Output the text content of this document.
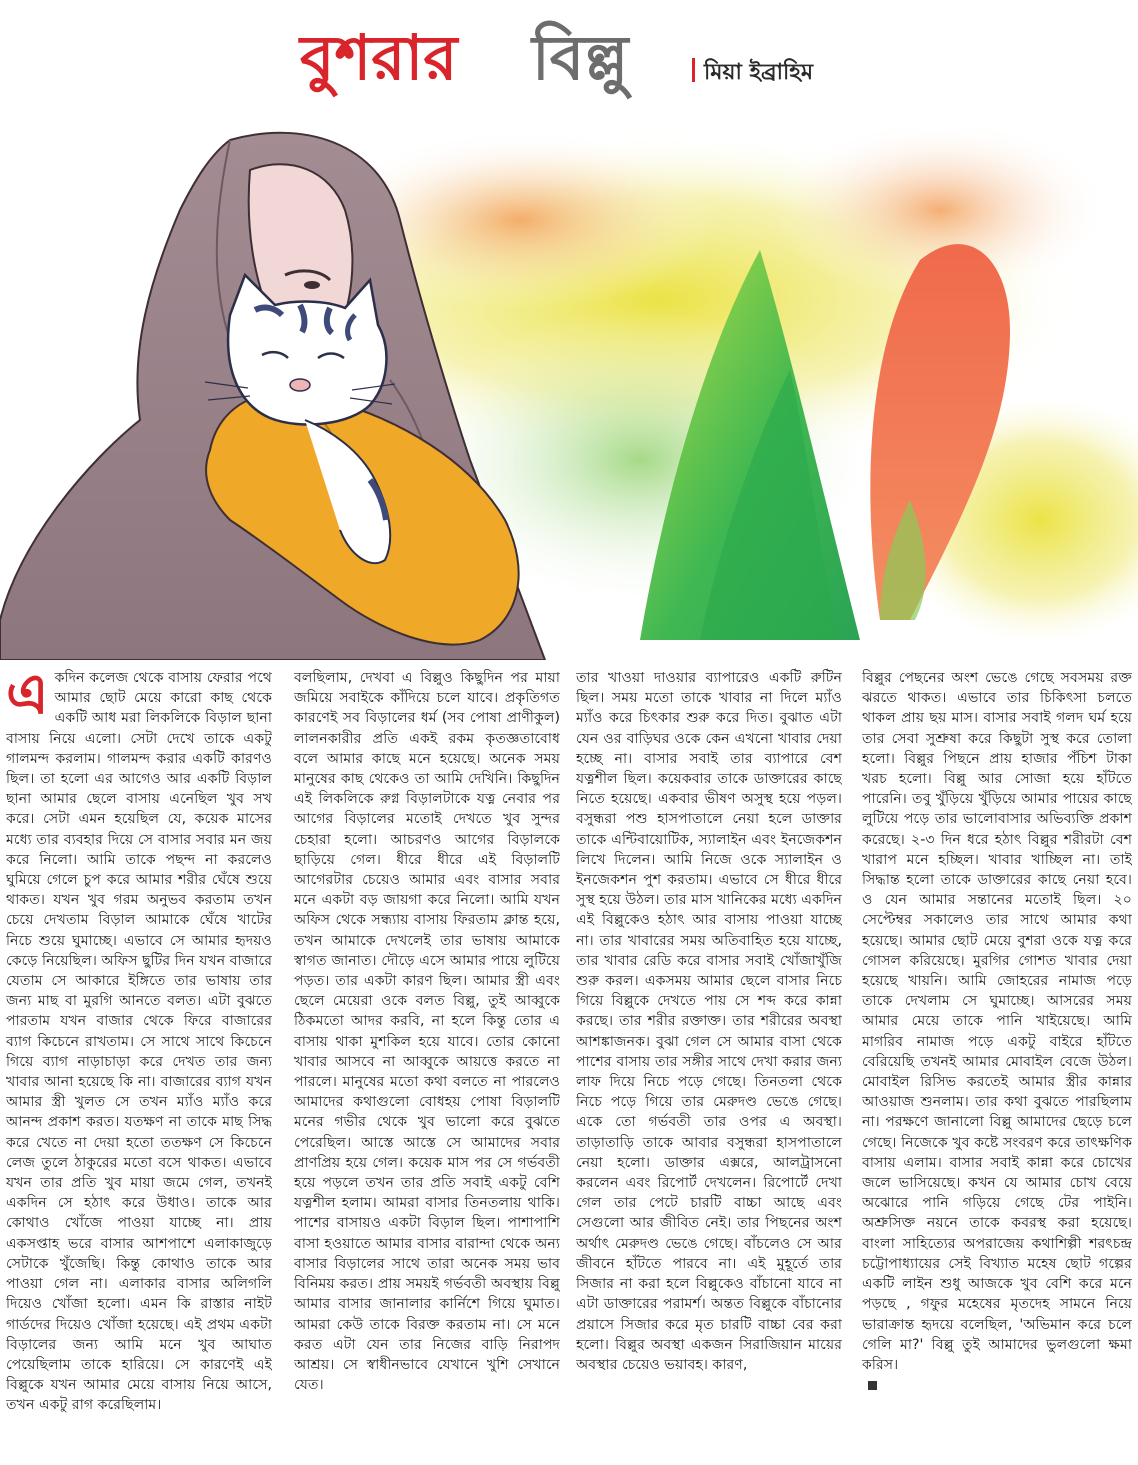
বুশরার বিল্লু	মিয়া ইব্রাহিম
এ কদিন কলেজ থেকে বাসায় ফেরার পথে আমার ছোট মেয়ে কারো কাছ থেকে একটি আধ মরা লিকলিকে বিড়াল ছানা বাসায় নিয়ে এলো। সেটা দেখে তাকে একটু গালমন্দ করলাম। গালমন্দ করার একটি কারণও ছিল। তা হলো এর আগেও আর একটি বিড়াল ছানা আমার ছেলে বাসায় এনেছিল খুব সখ করে। সেটা এমন হয়েছিল যে, কয়েক মাসের মধ্যে তার ব্যবহার দিয়ে সে বাসার সবার মন জয় করে নিলো। আমি তাকে পছন্দ না করলেও ঘুমিয়ে গেলে চুপ করে আমার শরীর ঘেঁষে শুয়ে থাকত। যখন খুব গরম অনুভব করতাম তখন চেয়ে দেখতাম বিড়াল আমাকে ঘেঁষে খাটের নিচে শুয়ে ঘুমাচ্ছে। এভাবে সে আমার হৃদয়ও কেড়ে নিয়েছিল। অফিস ছুটির দিন যখন বাজারে যেতাম সে আকারে ইঙ্গিতে তার ভাষায় তার জন্য মাছ বা মুরগি আনতে বলত। এটা বুঝতে পারতাম যখন বাজার থেকে ফিরে বাজারের ব্যাগ কিচেনে রাখতাম। সে সাথে সাথে কিচেনে গিয়ে ব্যাগ নাড়াচাড়া করে দেখত তার জন্য খাবার আনা হয়েছে কি না। বাজারের ব্যাগ যখন আমার স্ত্রী খুলত সে তখন ম্যাঁও ম্যাঁও করে আনন্দ প্রকাশ করত। যতক্ষণ না তাকে মাছ সিদ্ধ করে খেতে না দেয়া হতো ততক্ষণ সে কিচেনে লেজ তুলে ঠাকুরের মতো বসে থাকত। এভাবে যখন তার প্রতি খুব মায়া জমে গেল, তখনই একদিন সে হঠাৎ করে উধাও। তাকে আর কোথাও খোঁজে পাওয়া যাচ্ছে না। প্রায় একসপ্তাহ ভরে বাসার আশপাশে এলাকাজুড়ে সেটাকে খুঁজেছি। কিন্তু কোথাও তাকে আর পাওয়া গেল না। এলাকার বাসার অলিগলি দিয়েও খোঁজা হলো। এমন কি রাস্তার নাইট গার্ডদের দিয়েও খোঁজা হয়েছে। এই প্রথম একটা বিড়ালের জন্য আমি মনে খুব আঘাত পেয়েছিলাম তাকে হারিয়ে। সে কারণেই এই বিল্লুকে যখন আমার মেয়ে বাসায় নিয়ে আসে, তখন একটু রাগ করেছিলাম।

বলছিলাম, দেখবা এ বিল্লুও কিছুদিন পর মায়া জমিয়ে সবাইকে কাঁদিয়ে চলে যাবে। প্রকৃতিগত কারণেই সব বিড়ালের ধর্ম (সব পোষা প্রাণীকুল) লালনকারীর প্রতি একই রকম কৃতজ্ঞতাবোধ বলে আমার কাছে মনে হয়েছে। অনেক সময় মানুষের কাছ থেকেও তা আমি দেখিনি। কিছুদিন এই লিকলিকে রুগ্ন বিড়ালটাকে যত্ন নেবার পর আগের বিড়ালের মতোই দেখতে খুব সুন্দর চেহারা হলো। আচরণও আগের বিড়ালকে ছাড়িয়ে গেল। ধীরে ধীরে এই বিড়ালটি আগেরটার চেয়েও আমার এবং বাসার সবার মনে একটা বড় জায়গা করে নিলো। আমি যখন অফিস থেকে সন্ধ্যায় বাসায় ফিরতাম ক্লান্ত হয়ে, তখন আমাকে দেখলেই তার ভাষায় আমাকে স্বাগত জানাত। দৌড়ে এসে আমার পায়ে লুটিয়ে পড়ত। তার একটা কারণ ছিল। আমার স্ত্রী এবং ছেলে মেয়েরা ওকে বলত বিল্লু, তুই আব্বুকে ঠিকমতো আদর করবি, না হলে কিন্তু তোর এ বাসায় থাকা মুশকিল হয়ে যাবে। তোর কোনো খাবার আসবে না আব্বুকে আয়ত্তে করতে না পারলে। মানুষের মতো কথা বলতে না পারলেও আমাদের কথাগুলো বোধহয় পোষা বিড়ালটি মনের গভীর থেকে খুব ভালো করে বুঝতে পেরেছিল। আস্তে আস্তে সে আমাদের সবার প্রাণপ্রিয় হয়ে গেল। কয়েক মাস পর সে গর্ভবতী হয়ে পড়লে তখন তার প্রতি সবাই একটু বেশি যত্নশীল হলাম। আমরা বাসার তিনতলায় থাকি। পাশের বাসায়ও একটা বিড়াল ছিল। পাশাপাশি বাসা হওয়াতে আমার বাসার বারান্দা থেকে অন্য বাসার বিড়ালের সাথে তারা অনেক সময় ভাব বিনিময় করত। প্রায় সময়ই গর্ভবতী অবস্থায় বিল্লু আমার বাসার জানালার কার্নিশে গিয়ে ঘুমাত। আমরা কেউ তাকে বিরক্ত করতাম না। সে মনে করত এটা যেন তার নিজের বাড়ি নিরাপদ আশ্রয়। সে স্বাধীনভাবে যেখানে খুশি সেখানে যেত।

তার খাওয়া দাওয়ার ব্যাপারেও একটি রুটিন ছিল। সময় মতো তাকে খাবার না দিলে ম্যাঁও ম্যাঁও করে চিৎকার শুরু করে দিত। বুঝাত এটা যেন ওর বাড়িঘর ওকে কেন এখনো খাবার দেয়া হচ্ছে না। বাসার সবাই তার ব্যাপারে বেশ যত্নশীল ছিল। কয়েকবার তাকে ডাক্তারের কাছে নিতে হয়েছে। একবার ভীষণ অসুস্থ হয়ে পড়ল। বসুন্ধরা পশু হাসপাতালে নেয়া হলে ডাক্তার তাকে এন্টিবায়োটিক, স্যালাইন এবং ইনজেকশন লিখে দিলেন। আমি নিজে ওকে স্যালাইন ও ইনজেকশন পুশ করতাম। এভাবে সে ধীরে ধীরে সুস্থ হয়ে উঠল। তার মাস খানিকের মধ্যে একদিন এই বিল্লুকেও হঠাৎ আর বাসায় পাওয়া যাচ্ছে না। তার খাবারের সময় অতিবাহিত হয়ে যাচ্ছে, তার খাবার রেডি করে বাসার সবাই খোঁজাখুঁজি শুরু করল। একসময় আমার ছেলে বাসার নিচে গিয়ে বিল্লুকে দেখতে পায় সে শব্দ করে কান্না করছে। তার শরীর রক্তাক্ত। তার শরীরের অবস্থা আশঙ্কাজনক। বুঝা গেল সে আমার বাসা থেকে পাশের বাসায় তার সঙ্গীর সাথে দেখা করার জন্য লাফ দিয়ে নিচে পড়ে গেছে। তিনতলা থেকে নিচে পড়ে গিয়ে তার মেরুদণ্ড ভেঙে গেছে। একে তো গর্ভবতী তার ওপর এ অবস্থা। তাড়াতাড়ি তাকে আবার বসুন্ধরা হাসপাতালে নেয়া হলো। ডাক্তার এক্সরে, আলট্রাসনো করলেন এবং রিপোর্ট দেখলেন। রিপোর্টে দেখা গেল তার পেটে চারটি বাচ্চা আছে এবং সেগুলো আর জীবিত নেই। তার পিছনের অংশ অর্থাৎ মেরুদণ্ড ভেঙে গেছে। বাঁচলেও সে আর জীবনে হাঁটতে পারবে না। এই মুহূর্তে তার সিজার না করা হলে বিল্লুকেও বাঁচানো যাবে না এটা ডাক্তারের পরামর্শ। অন্তত বিল্লুকে বাঁচানোর প্রয়াসে সিজার করে মৃত চারটি বাচ্চা বের করা হলো। বিল্লুর অবস্থা একজন সিরাজিয়ান মায়ের অবস্থার চেয়েও ভয়াবহ। কারণ,

বিল্লুর পেছনের অংশ ভেঙে গেছে সবসময় রক্ত ঝরতে থাকত। এভাবে তার চিকিৎসা চলতে থাকল প্রায় ছয় মাস। বাসার সবাই গলদ ঘর্ম হয়ে তার সেবা সুশ্রুষা করে কিছুটা সুস্থ করে তোলা হলো। বিল্লুর পিছনে প্রায় হাজার পঁচিশ টাকা খরচ হলো। বিল্লু আর সোজা হয়ে হাঁটতে পারেনি। তবু খুঁড়িয়ে খুঁড়িয়ে আমার পায়ের কাছে লুটিয়ে পড়ে তার ভালোবাসার অভিব্যক্তি প্রকাশ করেছে। ২-৩ দিন ধরে হঠাৎ বিল্লুর শরীরটা বেশ খারাপ মনে হচ্ছিল। খাবার খাচ্ছিল না। তাই সিদ্ধান্ত হলো তাকে ডাক্তারের কাছে নেয়া হবে। ও যেন আমার সন্তানের মতোই ছিল। ২০ সেপ্টেম্বর সকালেও তার সাথে আমার কথা হয়েছে। আমার ছোট মেয়ে বুশরা ওকে যত্ন করে গোসল করিয়েছে। মুরগির গোশত খাবার দেয়া হয়েছে খায়নি। আমি জোহরের নামাজ পড়ে তাকে দেখলাম সে ঘুমাচ্ছে। আসরের সময় আমার মেয়ে তাকে পানি খাইয়েছে। আমি মাগরিব নামাজ পড়ে একটু বাইরে হাঁটতে বেরিয়েছি তখনই আমার মোবাইল বেজে উঠল। মোবাইল রিসিভ করতেই আমার স্ত্রীর কান্নার আওয়াজ শুনলাম। তার কথা বুঝতে পারছিলাম না। পরক্ষণে জানালো বিল্লু আমাদের ছেড়ে চলে গেছে। নিজেকে খুব কষ্টে সংবরণ করে তাৎক্ষণিক বাসায় এলাম। বাসার সবাই কান্না করে চোখের জলে ভাসিয়েছে। কখন যে আমার চোখ বেয়ে অঝোরে পানি গড়িয়ে গেছে টের পাইনি। অশ্রুসিক্ত নয়নে তাকে কবরস্থ করা হয়েছে। বাংলা সাহিত্যের অপরাজেয় কথাশিল্পী শরৎচন্দ্র চট্টোপাধ্যায়ের সেই বিখ্যাত মহেষ ছোট গল্পের একটি লাইন শুধু আজকে খুব বেশি করে মনে পড়ছে , গফুর মহেষের মৃতদেহ সামনে নিয়ে ভারাক্রান্ত হৃদয়ে বলেছিল, 'অভিমান করে চলে গেলি মা?' বিল্লু তুই আমাদের ভুলগুলো ক্ষমা করিস।
